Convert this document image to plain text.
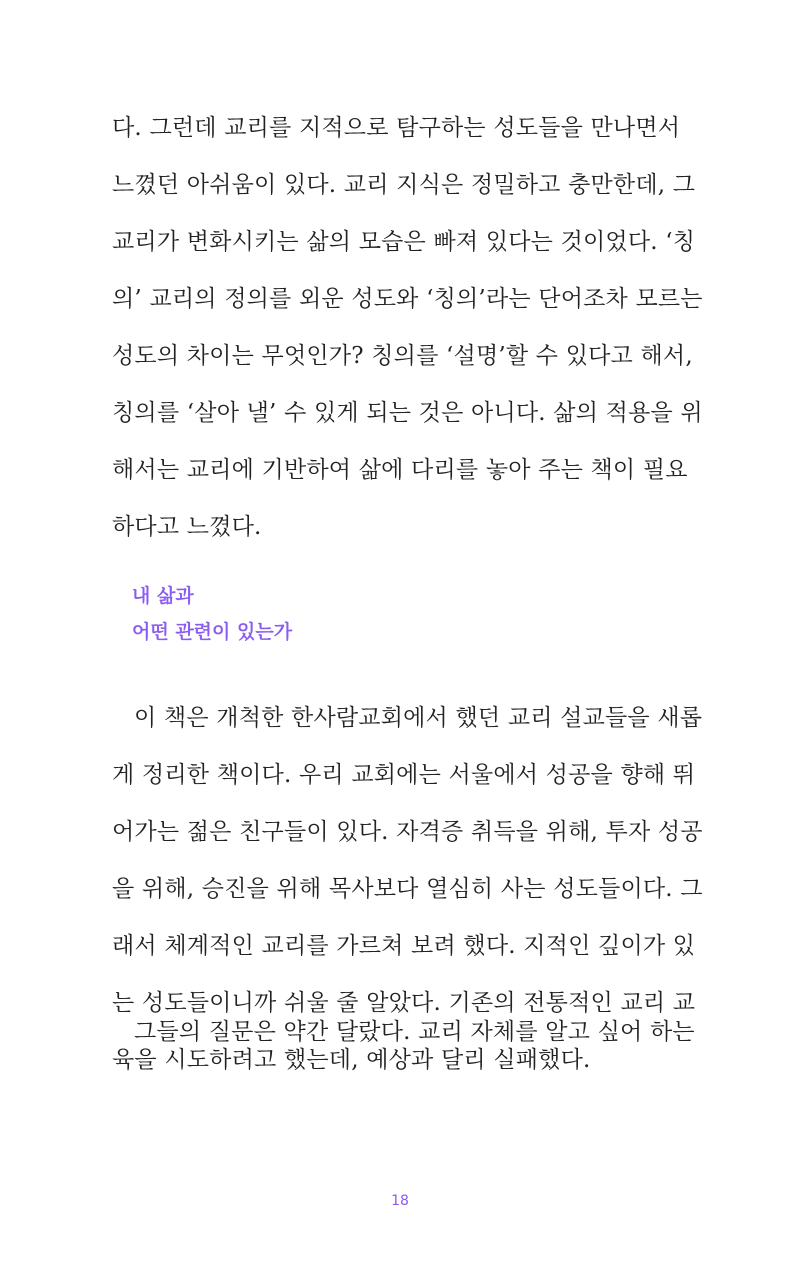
다. 그런데 교리를 지적으로 탐구하는 성도들을 만나면서
느꼈던 아쉬움이 있다. 교리 지식은 정밀하고 충만한데, 그
교리가 변화시키는 삶의 모습은 빠져 있다는 것이었다. ‘칭
의’ 교리의 정의를 외운 성도와 ‘칭의’라는 단어조차 모르는
성도의 차이는 무엇인가? 칭의를 ‘설명’할 수 있다고 해서,
칭의를 ‘살아 낼’ 수 있게 되는 것은 아니다. 삶의 적용을 위
해서는 교리에 기반하여 삶에 다리를 놓아 주는 책이 필요
하다고 느꼈다.
내 삶과
어떤 관련이 있는가
이 책은 개척한 한사람교회에서 했던 교리 설교들을 새롭
게 정리한 책이다. 우리 교회에는 서울에서 성공을 향해 뛰
어가는 젊은 친구들이 있다. 자격증 취득을 위해, 투자 성공
을 위해, 승진을 위해 목사보다 열심히 사는 성도들이다. 그
래서 체계적인 교리를 가르쳐 보려 했다. 지적인 깊이가 있
는 성도들이니까 쉬울 줄 알았다. 기존의 전통적인 교리 교
육을 시도하려고 했는데, 예상과 달리 실패했다.
그들의 질문은 약간 달랐다. 교리 자체를 알고 싶어 하는
18
